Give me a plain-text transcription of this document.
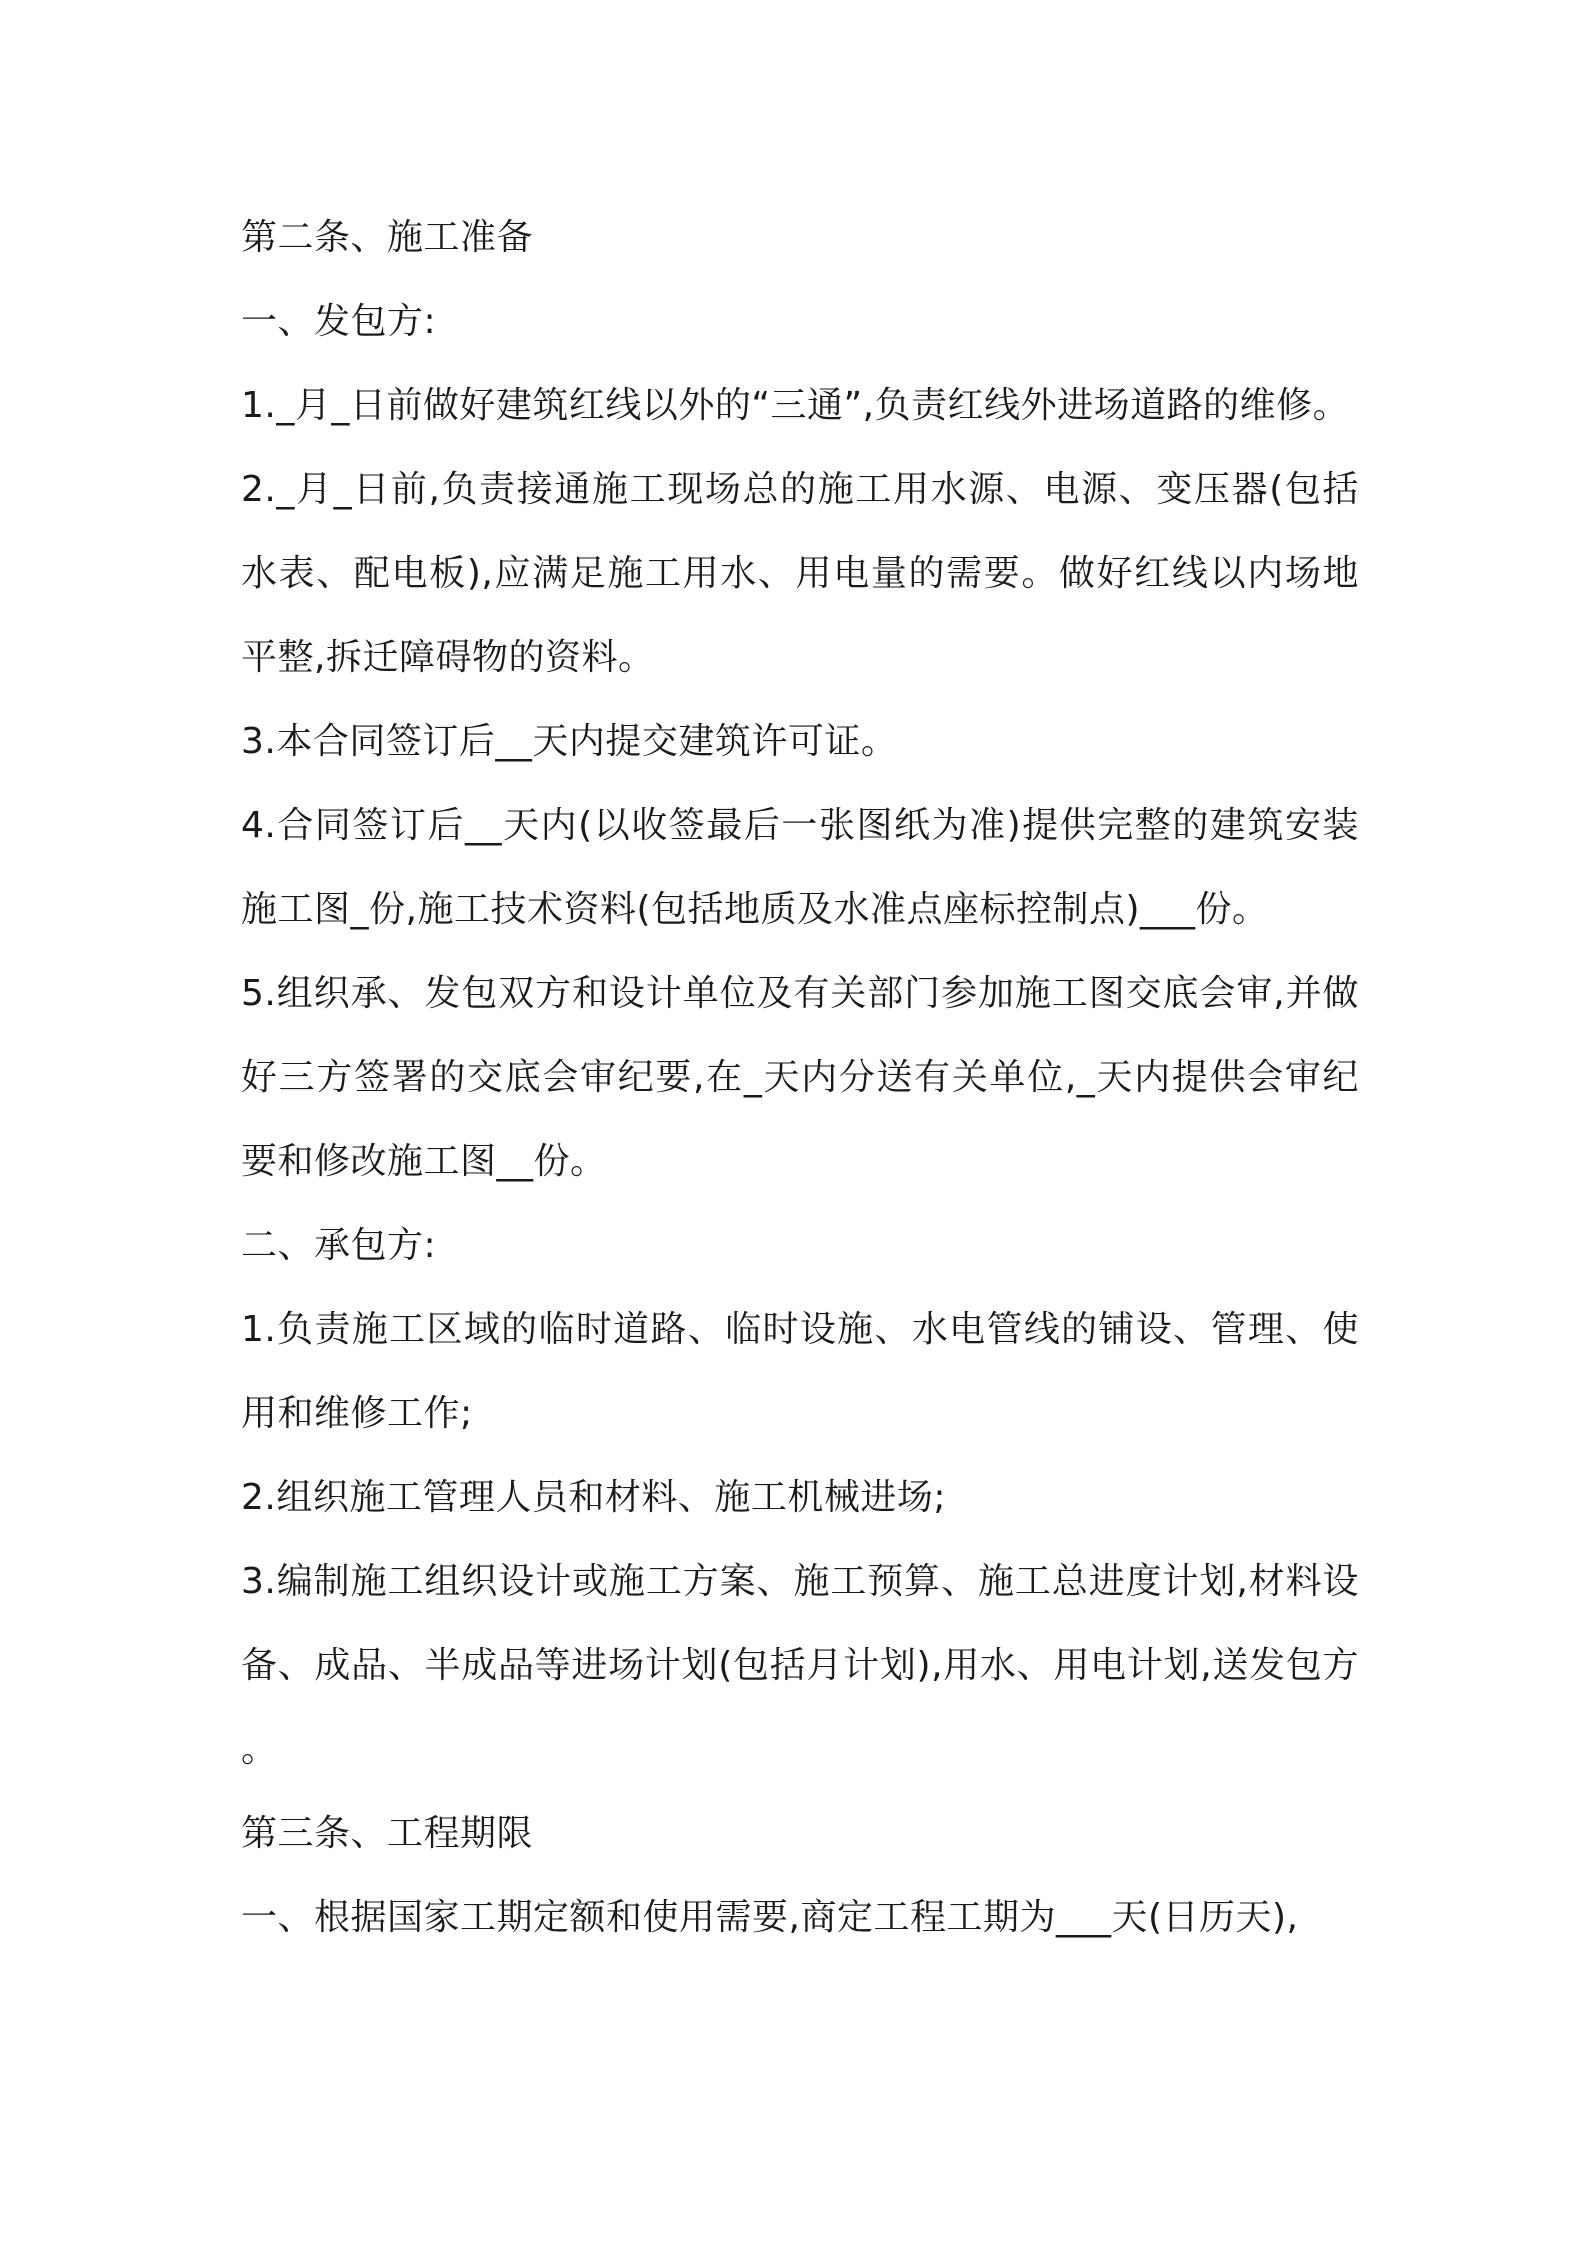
第二条、施工准备

一、发包方:

1._月_日前做好建筑红线以外的“三通”,负责红线外进场道路的维修。

2._月_日前,负责接通施工现场总的施工用水源、电源、变压器(包括水表、配电板),应满足施工用水、用电量的需要。做好红线以内场地平整,拆迁障碍物的资料。

3.本合同签订后__天内提交建筑许可证。

4.合同签订后__天内(以收签最后一张图纸为准)提供完整的建筑安装施工图_份,施工技术资料(包括地质及水准点座标控制点)___份。

5.组织承、发包双方和设计单位及有关部门参加施工图交底会审,并做好三方签署的交底会审纪要,在_天内分送有关单位,_天内提供会审纪要和修改施工图__份。

二、承包方:

1.负责施工区域的临时道路、临时设施、水电管线的铺设、管理、使用和维修工作;

2.组织施工管理人员和材料、施工机械进场;

3.编制施工组织设计或施工方案、施工预算、施工总进度计划,材料设备、成品、半成品等进场计划(包括月计划),用水、用电计划,送发包方。

第三条、工程期限

一、根据国家工期定额和使用需要,商定工程工期为___天(日历天),
